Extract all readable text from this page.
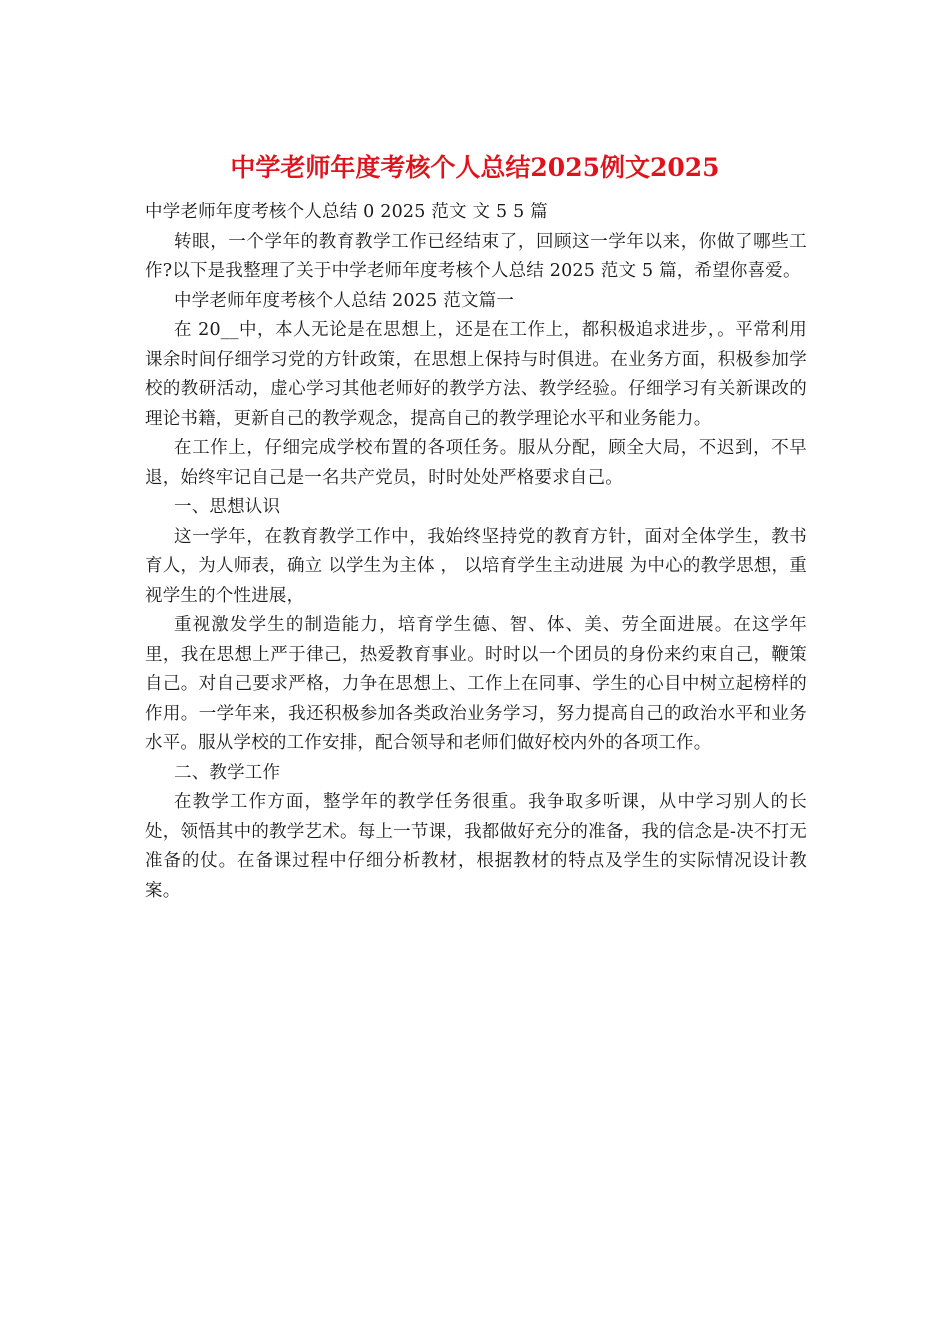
中学老师年度考核个人总结2025例文2025

中学老师年度考核个人总结 0 2025 范文 文 5 5 篇

转眼，一个学年的教育教学工作已经结束了，回顾这一学年以来，你做了哪些工作?以下是我整理了关于中学老师年度考核个人总结 2025 范文 5 篇，希望你喜爱。

中学老师年度考核个人总结 2025 范文篇一

在 20__中，本人无论是在思想上，还是在工作上，都积极追求进步，。平常利用课余时间仔细学习党的方针政策，在思想上保持与时俱进。在业务方面，积极参加学校的教研活动，虚心学习其他老师好的教学方法、教学经验。仔细学习有关新课改的理论书籍，更新自己的教学观念，提高自己的教学理论水平和业务能力。

在工作上，仔细完成学校布置的各项任务。服从分配，顾全大局，不迟到，不早退，始终牢记自己是一名共产党员，时时处处严格要求自己。

一、思想认识

这一学年，在教育教学工作中，我始终坚持党的教育方针，面对全体学生，教书育人，为人师表，确立 以学生为主体 ， 以培育学生主动进展 为中心的教学思想，重视学生的个性进展，

重视激发学生的制造能力，培育学生德、智、体、美、劳全面进展。在这学年里，我在思想上严于律己，热爱教育事业。时时以一个团员的身份来约束自己，鞭策自己。对自己要求严格，力争在思想上、工作上在同事、学生的心目中树立起榜样的作用。一学年来，我还积极参加各类政治业务学习，努力提高自己的政治水平和业务水平。服从学校的工作安排，配合领导和老师们做好校内外的各项工作。

二、教学工作

在教学工作方面，整学年的教学任务很重。我争取多听课，从中学习别人的长处，领悟其中的教学艺术。每上一节课，我都做好充分的准备，我的信念是-决不打无准备的仗。在备课过程中仔细分析教材，根据教材的特点及学生的实际情况设计教案。
